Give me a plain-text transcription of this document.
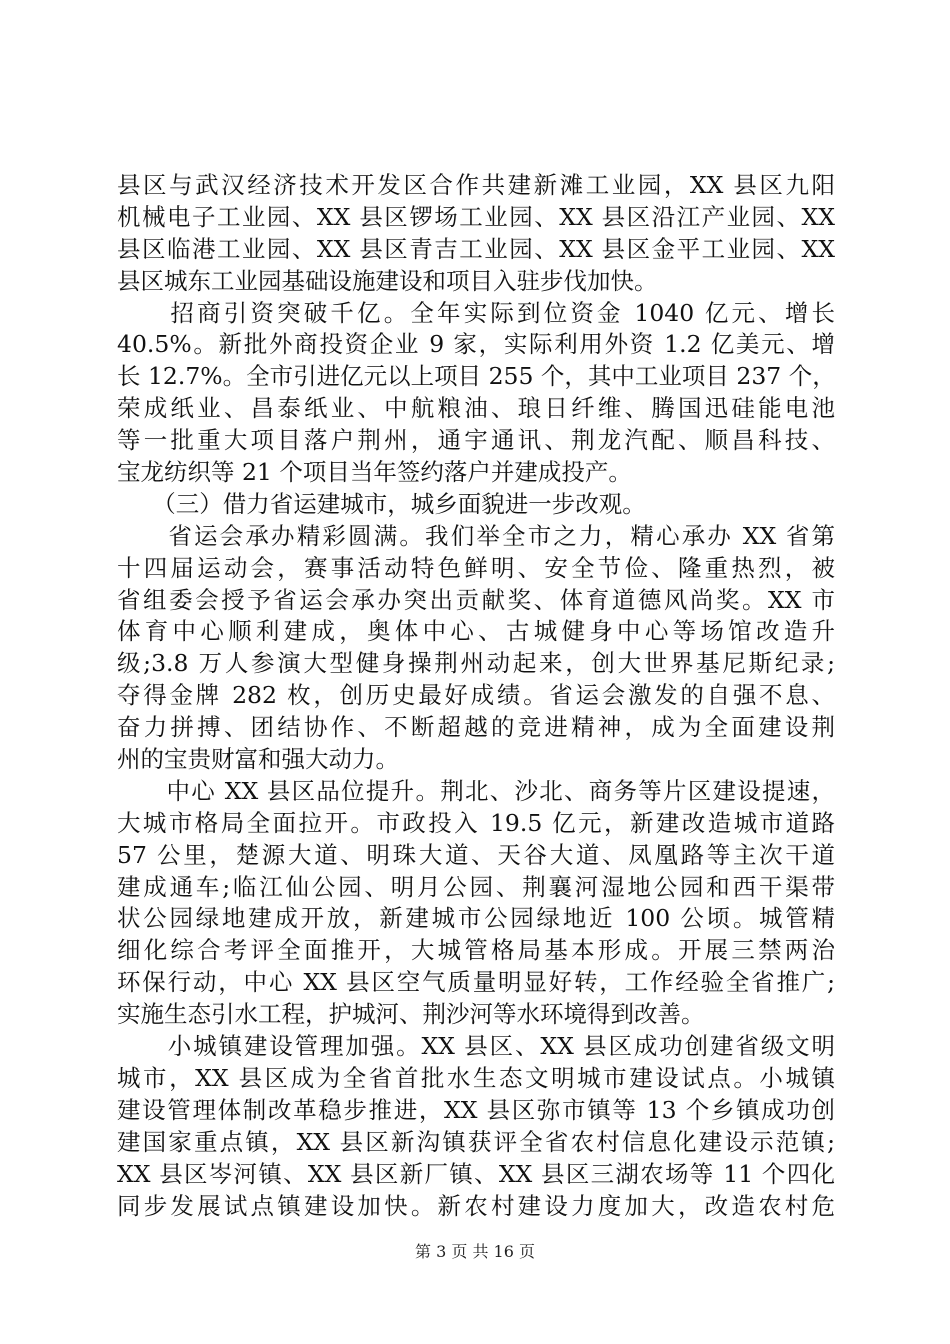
县区与武汉经济技术开发区合作共建新滩工业园，XX 县区九阳
机械电子工业园、XX 县区锣场工业园、XX 县区沿江产业园、XX
县区临港工业园、XX 县区青吉工业园、XX 县区金平工业园、XX
县区城东工业园基础设施建设和项目入驻步伐加快。
　　招商引资突破千亿。全年实际到位资金 1040 亿元、增长
40.5%。新批外商投资企业 9 家，实际利用外资 1.2 亿美元、增
长 12.7%。全市引进亿元以上项目 255 个，其中工业项目 237 个，
荣成纸业、昌泰纸业、中航粮油、琅日纤维、腾国迅硅能电池
等一批重大项目落户荆州，通宇通讯、荆龙汽配、顺昌科技、
宝龙纺织等 21 个项目当年签约落户并建成投产。
　　（三）借力省运建城市，城乡面貌进一步改观。
　　省运会承办精彩圆满。我们举全市之力，精心承办 XX 省第
十四届运动会，赛事活动特色鲜明、安全节俭、隆重热烈，被
省组委会授予省运会承办突出贡献奖、体育道德风尚奖。XX 市
体育中心顺利建成，奥体中心、古城健身中心等场馆改造升
级;3.8 万人参演大型健身操荆州动起来，创大世界基尼斯纪录;
夺得金牌 282 枚，创历史最好成绩。省运会激发的自强不息、
奋力拼搏、团结协作、不断超越的竞进精神，成为全面建设荆
州的宝贵财富和强大动力。
　　中心 XX 县区品位提升。荆北、沙北、商务等片区建设提速，
大城市格局全面拉开。市政投入 19.5 亿元，新建改造城市道路
57 公里，楚源大道、明珠大道、天谷大道、凤凰路等主次干道
建成通车;临江仙公园、明月公园、荆襄河湿地公园和西干渠带
状公园绿地建成开放，新建城市公园绿地近 100 公顷。城管精
细化综合考评全面推开，大城管格局基本形成。开展三禁两治
环保行动，中心 XX 县区空气质量明显好转，工作经验全省推广;
实施生态引水工程，护城河、荆沙河等水环境得到改善。
　　小城镇建设管理加强。XX 县区、XX 县区成功创建省级文明
城市，XX 县区成为全省首批水生态文明城市建设试点。小城镇
建设管理体制改革稳步推进，XX 县区弥市镇等 13 个乡镇成功创
建国家重点镇，XX 县区新沟镇获评全省农村信息化建设示范镇;
XX 县区岑河镇、XX 县区新厂镇、XX 县区三湖农场等 11 个四化
同步发展试点镇建设加快。新农村建设力度加大，改造农村危
第 3 页 共 16 页
